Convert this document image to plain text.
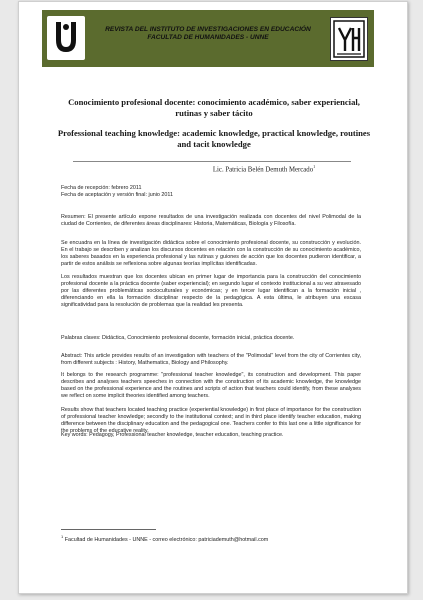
REVISTA DEL INSTITUTO DE INVESTIGACIONES EN EDUCACIÓN
FACULTAD DE HUMANIDADES - UNNE
Conocimiento profesional docente: conocimiento académico, saber experiencial, rutinas y saber tácito
Professional teaching knowledge: academic knowledge, practical knowledge, routines and tacit knowledge
Lic. Patricia Belén Demuth Mercado$^1$
Fecha de recepción: febrero 2011
Fecha de aceptación y versión final: junio 2011

Resumen: El presente artículo expone resultados de una investigación realizada con docentes del nivel Polimodal de la ciudad de Corrientes, de diferentes áreas disciplinares: Historia, Matemáticas, Biología y Filosofía.

Se encuadra en la línea de investigación didáctica sobre el conocimiento profesional docente, su construcción y evolución. En el trabajo se describen y analizan los discursos docentes en relación con la construcción de su conocimiento académico, los saberes basados en la experiencia profesional y las rutinas y guiones de acción que los docentes pudieron identificar, a partir de estos análisis se reflexiona sobre algunas teorías implícitas identificadas.

Los resultados muestran que los docentes ubican en primer lugar de importancia para la construcción del conocimiento profesional docente a la práctica docente (saber experiencial); en segundo lugar el contexto institucional a su vez atravesado por las diferentes problemáticas socioculturales y económicas; y en tercer lugar identifican a la formación inicial , diferenciando en ella la formación disciplinar respecto de la pedagógica. A esta última, le atribuyen una escasa significatividad para la resolución de problemas que la realidad les presenta.

Palabras claves: Didáctica, Conocimiento profesional docente, formación inicial, práctica docente.

Abstract: This article provides results of an investigation with teachers of the "Polimodal" level from the city of Corrientes city, from different subjects : History, Mathematics, Biology and Philosophy.

It belongs to the research programme: "professional teacher knowledge", its construction and development. This paper describes and analyses teachers speeches in connection with the construction of its academic knowledge, the knowledge based on the professional experience and the routines and scripts of action that teachers could identify, from these analyses we reflect on some implicit theories identified among teachers.

Results show that teachers located teaching practice (experiential knowledge) in first place of importance for the construction of professional teacher knowledge; secondly to the institutional context; and in third place identify teacher education, making difference between the disciplinary education and the pedagogical one. Teachers confer to this last one a little significance for the problems of the educative reality.

Key words: Pedagogy, Professional teacher knowledge, teacher education, teaching practice.

$^1$ Facultad de Humanidades - UNNE - correo electrónico: patriciademuth@hotmail.com
